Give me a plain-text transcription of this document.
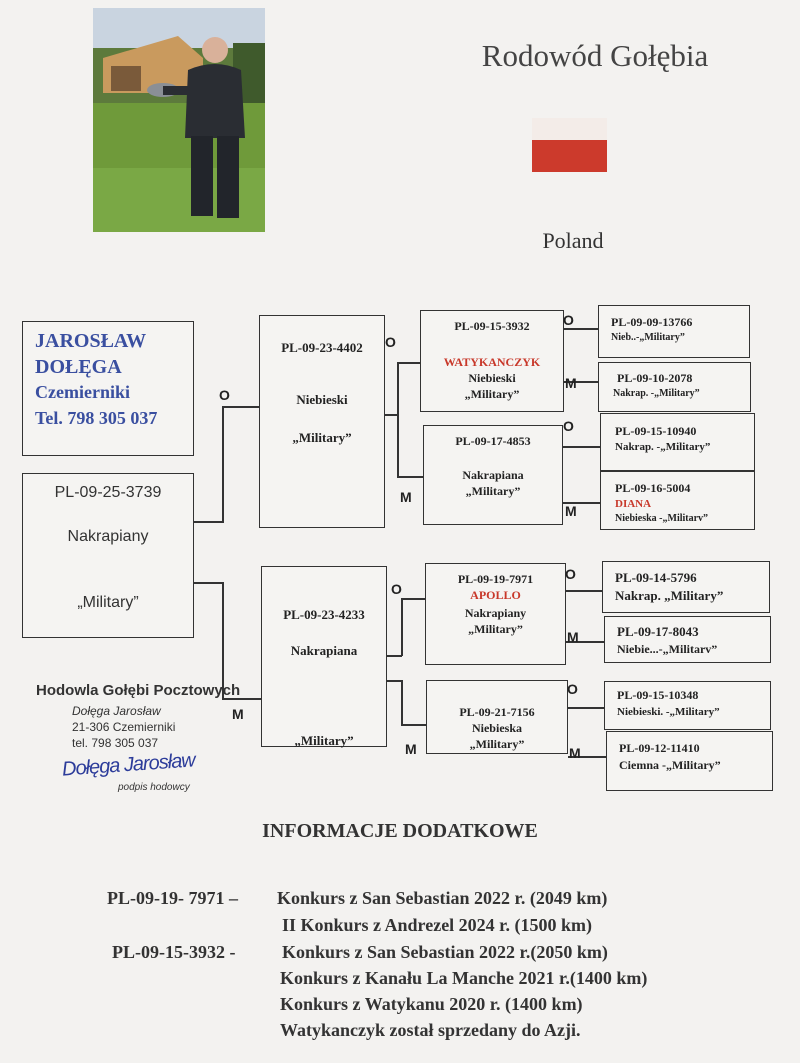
Rodowód Gołębia
Poland
JAROSŁAW
DOŁĘGA
Czemierniki
Tel. 798 305 037
PL-09-25-3739
Nakrapiany
„Military”
O
M
PL-09-23-4402
Niebieski
„Military”
O
M
PL-09-23-4233
Nakrapiana
„Military”
O
M
PL-09-15-3932
WATYKANCZYK
Niebieski
„Military”
PL-09-17-4853
Nakrapiana
„Military”
PL-09-19-7971
APOLLO
Nakrapiany
„Military”
PL-09-21-7156
Niebieska
„Military”
O
M
O
M
O
M
O
M
PL-09-09-13766
Nieb..-„Military”
PL-09-10-2078
Nakrap. -„Military”
PL-09-15-10940
Nakrap. -„Military”
PL-09-16-5004
DIANA
Niebieska -„Militarv”
PL-09-14-5796
Nakrap. „Military”
PL-09-17-8043
Niebie...-„Militarv”
PL-09-15-10348
Niebieski. -„Military”
PL-09-12-11410
Ciemna -„Military”
Hodowla Gołębi Pocztowych
Dołęga Jarosław
21-306 Czemierniki
tel. 798 305 037
Dołęga Jarosław
podpis hodowcy
INFORMACJE DODATKOWE
PL-09-19- 7971 – Konkurs z San Sebastian 2022 r. (2049 km)
II Konkurs z Andrezel 2024 r. (1500 km)
PL-09-15-3932 -	Konkurs z San Sebastian 2022 r.(2050 km)
Konkurs z Kanału La Manche 2021 r.(1400 km)
Konkurs z Watykanu 2020 r. (1400 km)
Watykanczyk został sprzedany do Azji.
